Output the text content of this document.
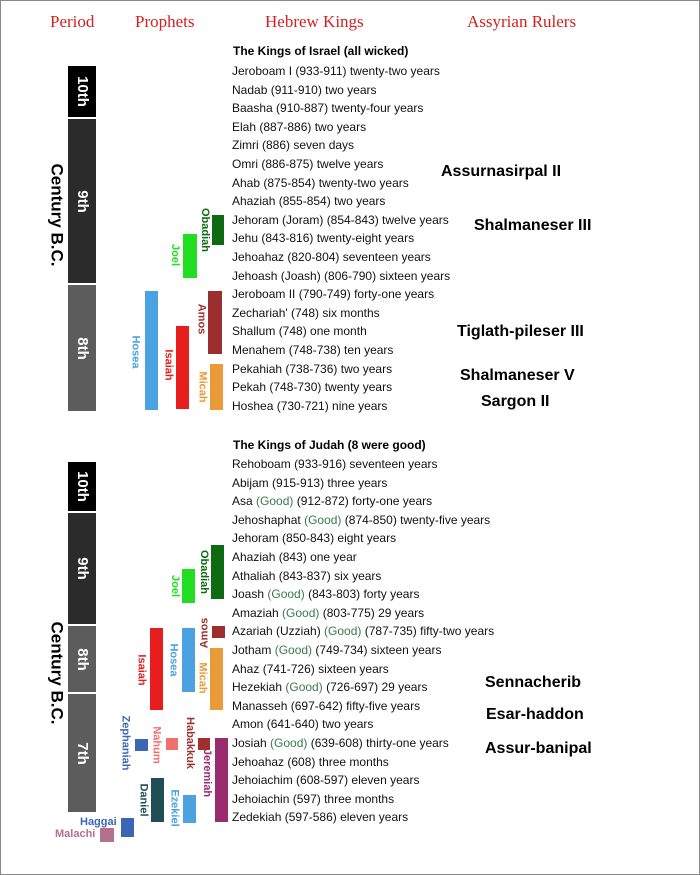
Period Prophets	Hebrew Kings	Assyrian Rulers
10th
9th
8th
Century B.C.	Obadiah
Joel
Amos
Hosea Isaiah
Micah
The Kings of Israel (all wicked)
Jeroboam I (933-911) twenty-two years
Nadab (911-910) two years
Baasha (910-887) twenty-four years
Elah (887-886) two years
Zimri (886) seven days
Omri (886-875) twelve years
Ahab (875-854) twenty-two years
Ahaziah (855-854) two years
Jehoram (Joram) (854-843) twelve years
Jehu (843-816) twenty-eight years
Jehoahaz (820-804) seventeen years
Jehoash (Joash) (806-790) sixteen years
Jeroboam II (790-749) forty-one years
Zechariah' (748) six months
Shallum (748) one month
Menahem (748-738) ten years
Pekahiah (738-736) two years
Pekah (748-730) twenty years
Hoshea (730-721) nine years
Assurnasirpal II
Shalmaneser III
Tiglath-pileser III
Shalmaneser V
Sargon II
10th
9th
8th
7th
Century B.C.
Obadiah
Joel
Amos
Isaiah Hosea
Micah
Zephaniah Nahum Habakkuk
Jeremiah
Daniel Ezekiel
Haggai
Malachi
The Kings of Judah (8 were good)
Rehoboam (933-916) seventeen years
Abijam (915-913) three years
Asa (Good) (912-872) forty-one years
Jehoshaphat (Good) (874-850) twenty-five years
Jehoram (850-843) eight years
Ahaziah (843) one year
Athaliah (843-837) six years
Joash (Good) (843-803) forty years
Amaziah (Good) (803-775) 29 years
Azariah (Uzziah) (Good) (787-735) fifty-two years
Jotham (Good) (749-734) sixteen years
Ahaz (741-726) sixteen years
Hezekiah (Good) (726-697) 29 years
Manasseh (697-642) fifty-five years
Amon (641-640) two years
Josiah (Good) (639-608) thirty-one years
Jehoahaz (608) three months
Jehoiachim (608-597) eleven years
Jehoiachin (597) three months
Zedekiah (597-586) eleven years
Sennacherib
Esar-haddon
Assur-banipal
